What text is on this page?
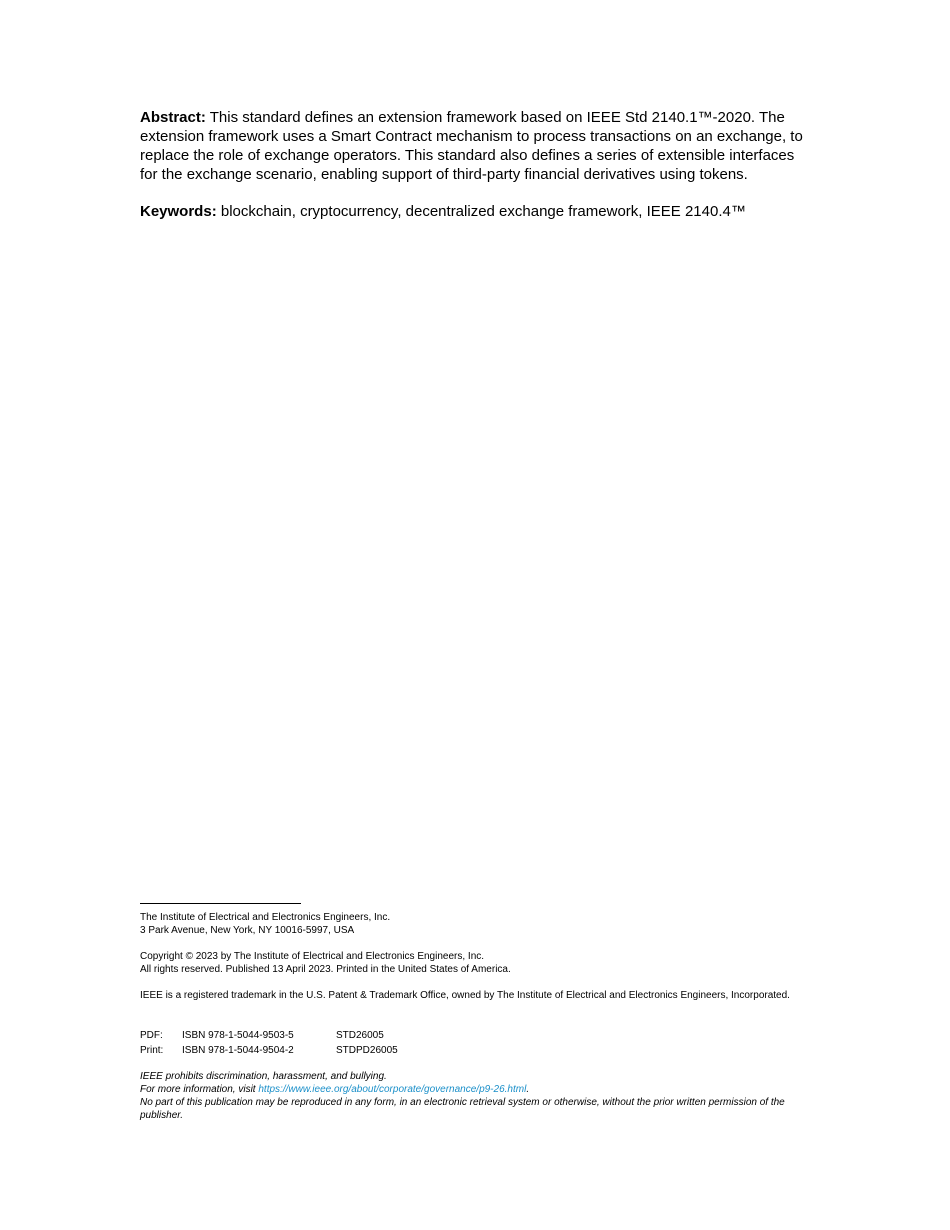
Abstract: This standard defines an extension framework based on IEEE Std 2140.1™-2020. The extension framework uses a Smart Contract mechanism to process transactions on an exchange, to replace the role of exchange operators. This standard also defines a series of extensible interfaces for the exchange scenario, enabling support of third-party financial derivatives using tokens.
Keywords: blockchain, cryptocurrency, decentralized exchange framework, IEEE 2140.4™

The Institute of Electrical and Electronics Engineers, Inc.

3 Park Avenue, New York, NY 10016-5997, USA

Copyright © 2023 by The Institute of Electrical and Electronics Engineers, Inc.

All rights reserved. Published 13 April 2023. Printed in the United States of America.

IEEE is a registered trademark in the U.S. Patent & Trademark Office, owned by The Institute of Electrical and Electronics Engineers, Incorporated.

PDF:	ISBN 978-1-5044-9503-5	STD26005
Print:	ISBN 978-1-5044-9504-2	STDPD26005

IEEE prohibits discrimination, harassment, and bullying.

For more information, visit https://www.ieee.org/about/corporate/governance/p9-26.html.

No part of this publication may be reproduced in any form, in an electronic retrieval system or otherwise, without the prior written permission of the publisher.
